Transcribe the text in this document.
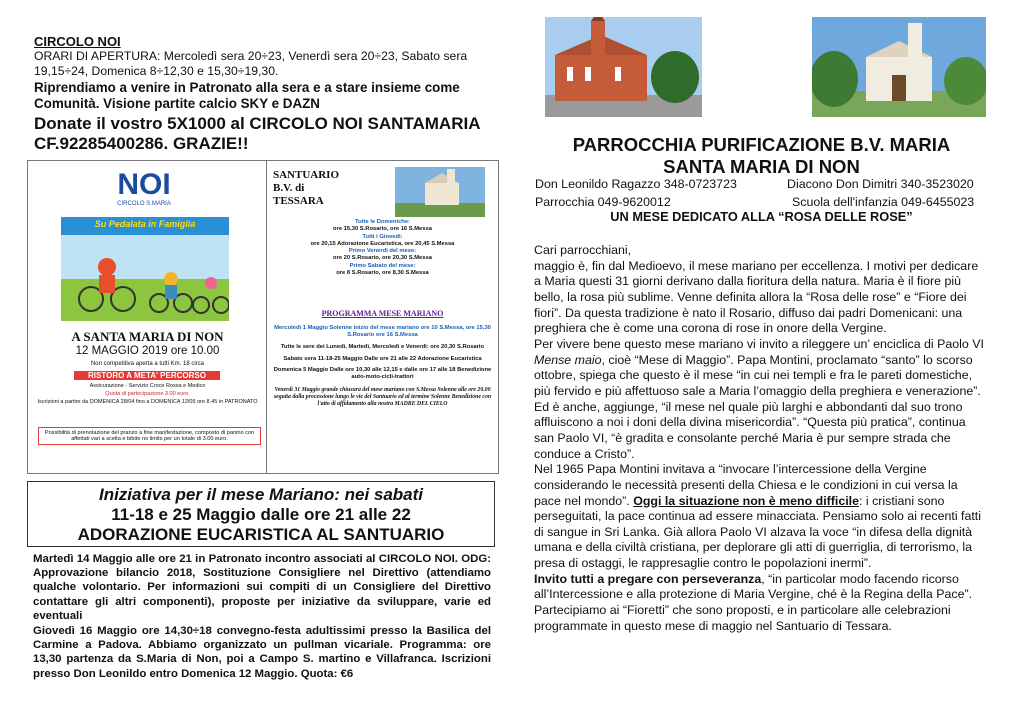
CIRCOLO NOI
ORARI DI APERTURA: Mercoledì sera 20÷23, Venerdì sera 20÷23, Sabato sera 19,15÷24, Domenica 8÷12,30 e 15,30÷19,30.
Riprendiamo a venire in Patronato alla sera e a stare insieme come Comunità. Visione partite calcio SKY e DAZN
Donate il vostro 5X1000 al CIRCOLO NOI SANTAMARIA CF.92285400286. GRAZIE!!
NOI
CIRCOLO S.MARIA
Su Pedalata in Famiglia
A SANTA MARIA DI NON
12 MAGGIO 2019 ore 10.00
Non competitiva aperta a tutti Km. 18 circa
RISTORO A META' PERCORSO
Assicurazione - Servizio Croce Rossa e Medico
Quota di partecipazione 3.00 euro.
Iscrizioni a partire da DOMENICA 28/04 fino a DOMENICA 12/05 ore 8.45 in PATRONATO
Possibilità di prenotazione del pranzo a fine manifestazione, composto di panino con affettati vari a scelta e bibite no limits per un totale di 3.00 euro.
SANTUARIO
B.V. di
TESSARA
Tutte le Domeniche:
ore 15,30 S.Rosario, ore 16 S.Messa
Tutti i Giovedì:
ore 20,15 Adorazione Eucaristica, ore 20,45 S.Messa
Primo Venerdì del mese:
ore 20 S.Rosario, ore 20,30 S.Messa
Primo Sabato del mese:
ore 8 S.Rosario, ore 8,30 S.Messa
PROGRAMMA MESE MARIANO
Mercoledì 1 Maggio Solenne inizio del mese mariano ore 10 S.Messa, ore 15,30 S.Rosario ore 16 S.Messa
Tutte le sere dei Lunedì, Martedì, Mercoledì e Venerdì: ore 20,30 S.Rosario
Sabato sera 11-18-25 Maggio Dalle ore 21 alle 22 Adorazione Eucaristica
Domenica 5 Maggio Dalle ore 10,30 alle 12,15 e dalle ore 17 alle 18 Benedizione auto-moto-cicli-trattori
Venerdì 31 Maggio grande chiusura del mese mariano con S.Messa Solenne alle ore 20.00 seguita dalla processione lungo le vie del Santuario ed al termine Solenne Benedizione con l'atto di affidamento alla nostra MADRE DEL CIELO
Iniziativa per il mese Mariano: nei sabati
11-18 e 25 Maggio dalle ore 21 alle 22
ADORAZIONE EUCARISTICA AL SANTUARIO

Martedì 14 Maggio alle ore 21 in Patronato incontro associati al CIRCOLO NOI. ODG: Approvazione bilancio 2018, Sostituzione Consigliere nel Direttivo (attendiamo qualche volontario. Per informazioni sui compiti di un Consigliere del Direttivo contattare gli altri componenti), proposte per iniziative da sviluppare, varie ed eventuali

Giovedì 16 Maggio ore 14,30÷18 convegno-festa adultissimi presso la Basilica del Carmine a Padova. Abbiamo organizzato un pullman vicariale. Programma: ore 13,30 partenza da S.Maria di Non, poi a Campo S. martino e Villafranca. Iscrizioni presso Don Leonildo entro Domenica 12 Maggio. Quota: €6

PARROCCHIA PURIFICAZIONE B.V. MARIA
SANTA MARIA DI NON
Don Leonildo Ragazzo 348-0723723	Diacono Don Dimitri 340-3523020
Parrocchia 049-9620012	Scuola dell'infanzia 049-6455023
UN MESE DEDICATO ALLA “ROSA DELLE ROSE”

Cari parrocchiani,

maggio è, fin dal Medioevo, il mese mariano per eccellenza. I motivi per dedicare a Maria questi 31 giorni derivano dalla fioritura della natura. Maria è il fiore più bello, la rosa più sublime. Venne definita allora la “Rosa delle rose” e “Fiore dei fiori”. Da questa tradizione è nato il Rosario, diffuso dai padri Domenicani: una preghiera che è come una corona di rose in onore della Vergine.

Per vivere bene questo mese mariano vi invito a rileggere un’ enciclica di Paolo VI Mense maio, cioè “Mese di Maggio”. Papa Montini, proclamato “santo” lo scorso ottobre, spiega che questo è il mese “in cui nei templi e fra le pareti domestiche, più fervido e più affettuoso sale a Maria l’omaggio della preghiera e venerazione”. Ed è anche, aggiunge, “il mese nel quale più larghi e abbondanti dal suo trono affluiscono a noi i doni della divina misericordia”. “Questa più pratica”, continua san Paolo VI, “è gradita e consolante perché Maria è pur sempre strada che conduce a Cristo”.

Nel 1965 Papa Montini invitava a “invocare l’intercessione della Vergine considerando le necessità presenti della Chiesa e le condizioni in cui versa la pace nel mondo”. Oggi la situazione non è meno difficile: i cristiani sono perseguitati, la pace continua ad essere minacciata. Pensiamo solo ai recenti fatti di sangue in Sri Lanka. Già allora Paolo VI alzava la voce “in difesa della dignità umana e della civiltà cristiana, per deplorare gli atti di guerriglia, di terrorismo, la presa di ostaggi, le rappresaglie contro le popolazioni inermi”.

Invito tutti a pregare con perseveranza, “in particolar modo facendo ricorso all’Intercessione e alla protezione di Maria Vergine, ché è la Regina della Pace”. Partecipiamo ai “Fioretti” che sono proposti, e in particolare alle celebrazioni programmate in questo mese di maggio nel Santuario di Tessara.
